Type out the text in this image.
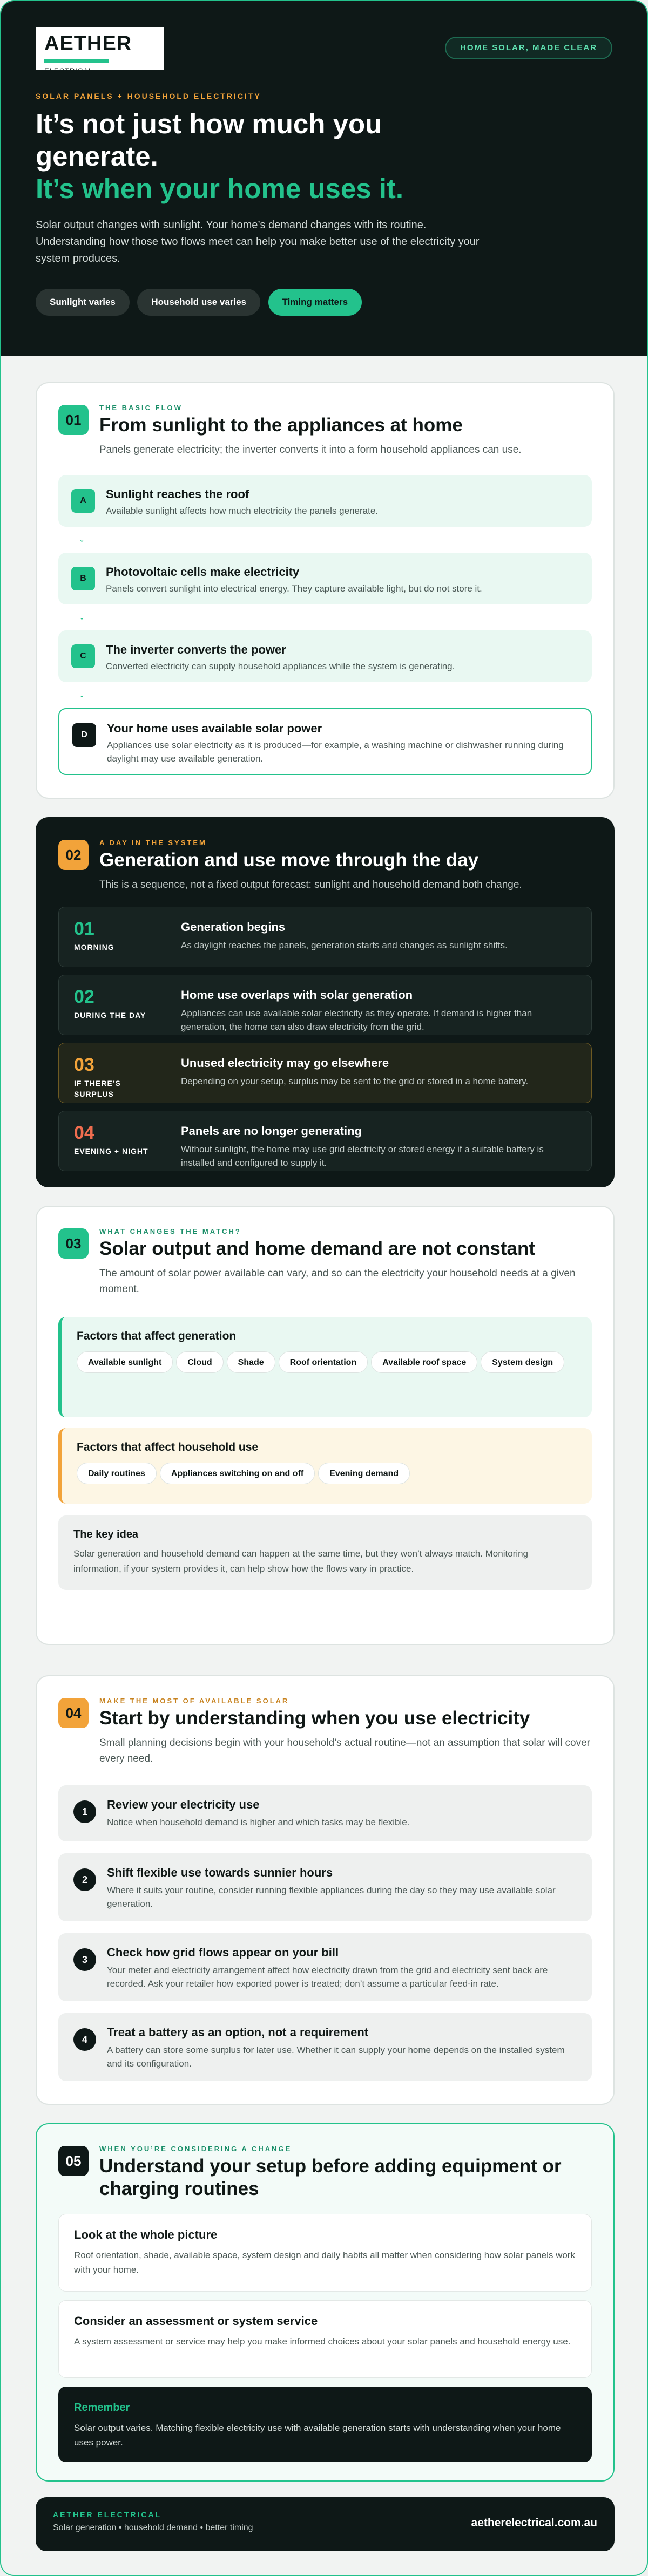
AETHER
ELECTRICAL
HOME SOLAR, MADE CLEAR
SOLAR PANELS + HOUSEHOLD ELECTRICITY
It’s not just how much you
generate.
It’s when your home uses it.

Solar output changes with sunlight. Your home’s demand changes with its routine. Understanding how those two flows meet can help you make better use of the electricity your system produces.

Sunlight varies	Household use varies	Timing matters
01
THE BASIC FLOW
From sunlight to the appliances at home
Panels generate electricity; the inverter converts it into a form household appliances can use.
A	Sunlight reaches the roof
Available sunlight affects how much electricity the panels generate.
↓
B	Photovoltaic cells make electricity
Panels convert sunlight into electrical energy. They capture available light, but do not store it.
↓
C	The inverter converts the power
Converted electricity can supply household appliances while the system is generating.
↓
D	Your home uses available solar power
Appliances use solar electricity as it is produced—for example, a washing machine or dishwasher running during daylight may use available generation.
02
A DAY IN THE SYSTEM
Generation and use move through the day
This is a sequence, not a fixed output forecast: sunlight and household demand both change.
01
MORNING
Generation begins
As daylight reaches the panels, generation starts and changes as sunlight shifts.
02
DURING THE DAY
Home use overlaps with solar generation
Appliances can use available solar electricity as they operate. If demand is higher than generation, the home can also draw electricity from the grid.
03
IF THERE’S SURPLUS
Unused electricity may go elsewhere
Depending on your setup, surplus may be sent to the grid or stored in a home battery.
04
EVENING + NIGHT
Panels are no longer generating
Without sunlight, the home may use grid electricity or stored energy if a suitable battery is installed and configured to supply it.
03
WHAT CHANGES THE MATCH?
Solar output and home demand are not constant
The amount of solar power available can vary, and so can the electricity your household needs at a given moment.
Factors that affect generation
Available sunlight	Cloud	Shade	Roof orientation	Available roof space	System design
Factors that affect household use
Daily routines	Appliances switching on and off	Evening demand
The key idea
Solar generation and household demand can happen at the same time, but they won’t always match. Monitoring information, if your system provides it, can help show how the flows vary in practice.
04
MAKE THE MOST OF AVAILABLE SOLAR
Start by understanding when you use electricity
Small planning decisions begin with your household’s actual routine—not an assumption that solar will cover every need.
1
Review your electricity use
Notice when household demand is higher and which tasks may be flexible.
2
Shift flexible use towards sunnier hours
Where it suits your routine, consider running flexible appliances during the day so they may use available solar generation.
3
Check how grid flows appear on your bill
Your meter and electricity arrangement affect how electricity drawn from the grid and electricity sent back are recorded. Ask your retailer how exported power is treated; don’t assume a particular feed-in rate.
4
Treat a battery as an option, not a requirement
A battery can store some surplus for later use. Whether it can supply your home depends on the installed system and its configuration.
05
WHEN YOU’RE CONSIDERING A CHANGE
Understand your setup before adding equipment or
charging routines
Look at the whole picture
Roof orientation, shade, available space, system design and daily habits all matter when considering how solar panels work with your home.
Consider an assessment or system service
A system assessment or service may help you make informed choices about your solar panels and household energy use.
Remember
Solar output varies. Matching flexible electricity use with available generation starts with understanding when your home uses power.
AETHER ELECTRICAL
Solar generation • household demand • better timing	aetherelectrical.com.au
